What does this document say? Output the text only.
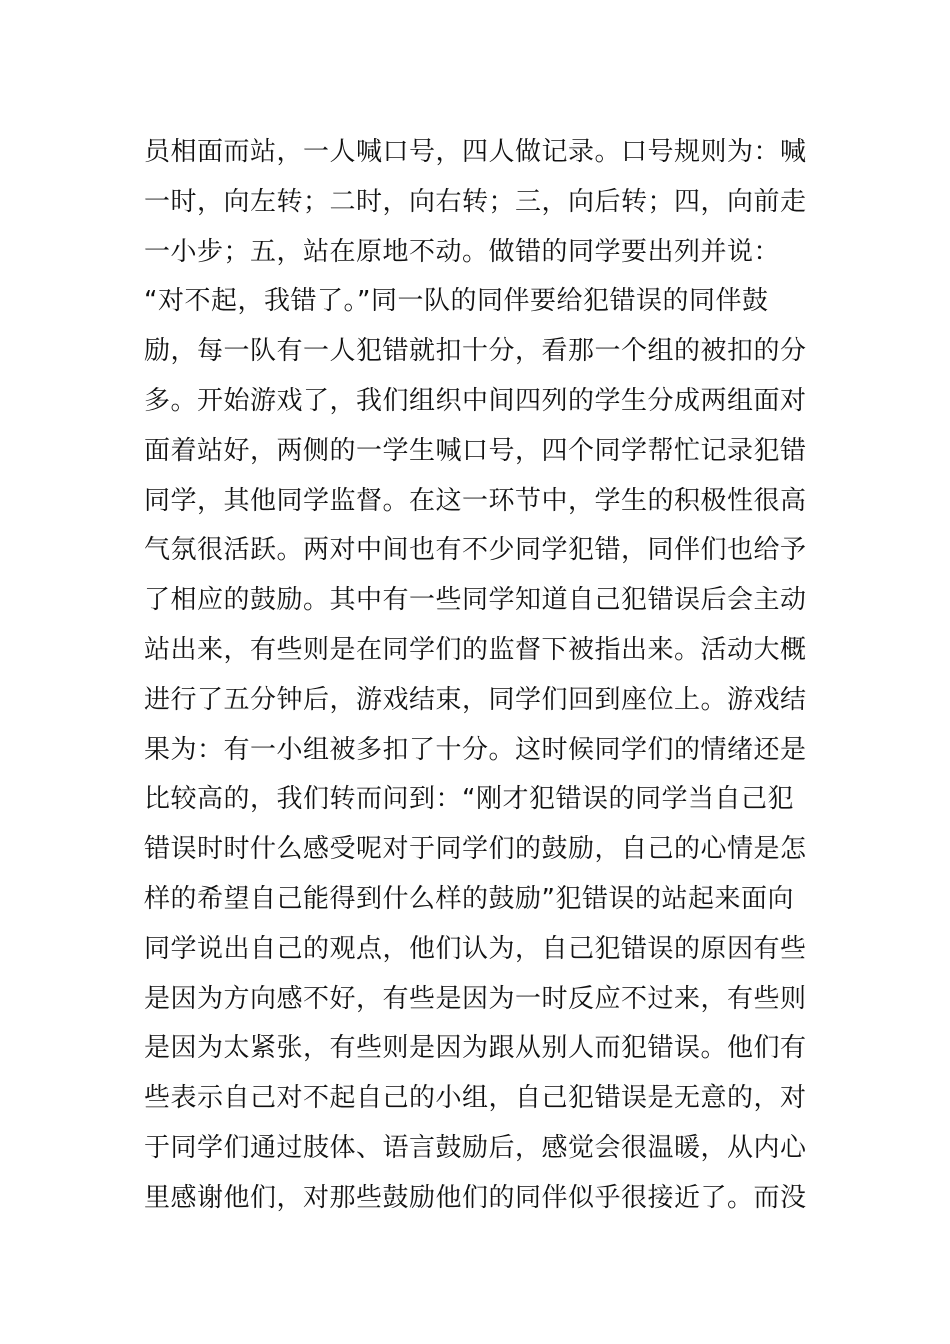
员相面而站，一人喊口号，四人做记录。口号规则为：喊
一时，向左转；二时，向右转；三，向后转；四，向前走
一小步；五，站在原地不动。做错的同学要出列并说：
“对不起，我错了。”同一队的同伴要给犯错误的同伴鼓
励，每一队有一人犯错就扣十分，看那一个组的被扣的分
多。开始游戏了，我们组织中间四列的学生分成两组面对
面着站好，两侧的一学生喊口号，四个同学帮忙记录犯错
同学，其他同学监督。在这一环节中，学生的积极性很高
气氛很活跃。两对中间也有不少同学犯错，同伴们也给予
了相应的鼓励。其中有一些同学知道自己犯错误后会主动
站出来，有些则是在同学们的监督下被指出来。活动大概
进行了五分钟后，游戏结束，同学们回到座位上。游戏结
果为：有一小组被多扣了十分。这时候同学们的情绪还是
比较高的，我们转而问到：“刚才犯错误的同学当自己犯
错误时时什么感受呢对于同学们的鼓励，自己的心情是怎
样的希望自己能得到什么样的鼓励”犯错误的站起来面向
同学说出自己的观点，他们认为，自己犯错误的原因有些
是因为方向感不好，有些是因为一时反应不过来，有些则
是因为太紧张，有些则是因为跟从别人而犯错误。他们有
些表示自己对不起自己的小组，自己犯错误是无意的，对
于同学们通过肢体、语言鼓励后，感觉会很温暖，从内心
里感谢他们，对那些鼓励他们的同伴似乎很接近了。而没
